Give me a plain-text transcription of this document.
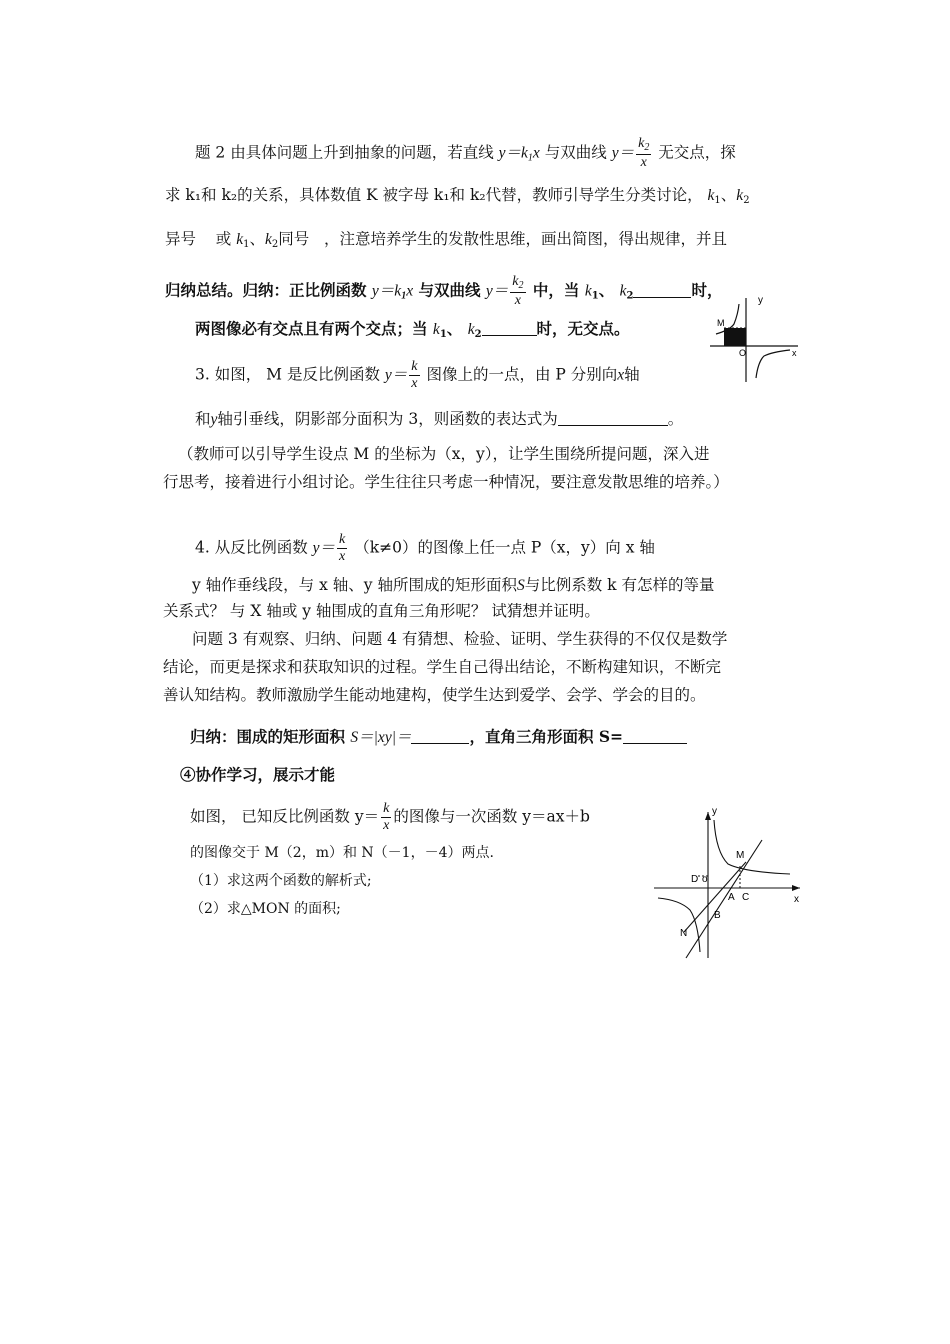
题 2 由具体问题上升到抽象的问题，若直线 $y=k_1x$ 与双曲线 $y= \frac{k_2}{x}$ 无交点，探
求 k₁和 k₂的关系，具体数值 K 被字母 k₁和 k₂代替，教师引导学生分类讨论， $k_1$、$k_2$
异号 或 $k_1$、$k_2$同号 ，注意培养学生的发散性思维，画出简图，得出规律，并且
归纳总结。归纳：正比例函数 $y=k_1x$ 与双曲线 $y= \frac{k_2}{x}$ 中，当 $k_1$、 $k_2$	时，
两图像必有交点且有两个交点；当 $k_1$、 $k_2$	时，无交点。
y
M
O	x
3. 如图， M 是反比例函数 $y= \frac{k}{x}$ 图像上的一点，由 P 分别向x轴
和y轴引垂线，阴影部分面积为 3，则函数的表达式为	。
（教师可以引导学生设点 M 的坐标为（x，y），让学生围绕所提问题，深入进
行思考，接着进行小组讨论。学生往往只考虑一种情况，要注意发散思维的培养。）
4. 从反比例函数 $y= \frac{k}{x} (k\ne 0)$的图像上任一点 P（x，y）向 x 轴
y 轴作垂线段，与 x 轴、y 轴所围成的矩形面积S与比例系数 k 有怎样的等量
关系式？ 与 X 轴或 y 轴围成的直角三角形呢？ 试猜想并证明。
问题 3 有观察、归纳、问题 4 有猜想、检验、证明、学生获得的不仅仅是数学
结论，而更是探求和获取知识的过程。学生自己得出结论，不断构建知识，不断完
善认知结构。教师激励学生能动地建构，使学生达到爱学、会学、学会的目的。
归纳：围成的矩形面积 S＝|xy|＝	，直角三角形面积 S=
④协作学习，展示才能
如图， 已知反比例函数 $y= \frac{k}{x}$ 的图像与一次函数 y＝ax＋b
的图像交于 M（2，m）和 N（－1，－4）两点.
（1）求这两个函数的解析式;
（2）求△MON 的面积;
y
D o
M
A C	x
B
N
